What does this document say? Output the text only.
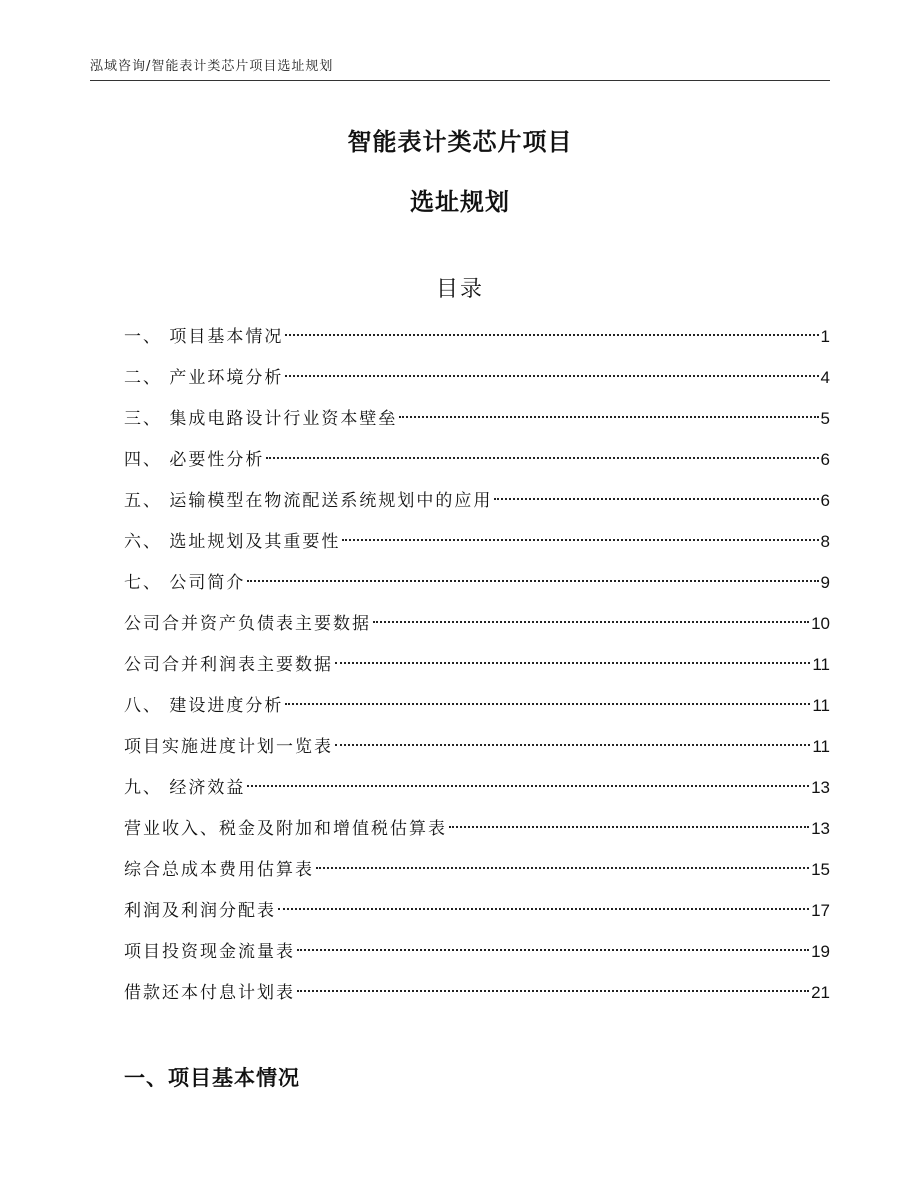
泓域咨询/智能表计类芯片项目选址规划
智能表计类芯片项目
选址规划
目录
一、 项目基本情况	1
二、 产业环境分析	4
三、 集成电路设计行业资本壁垒	5
四、 必要性分析	6
五、 运输模型在物流配送系统规划中的应用	6
六、 选址规划及其重要性	8
七、 公司简介	9
公司合并资产负债表主要数据	10
公司合并利润表主要数据	11
八、 建设进度分析	11
项目实施进度计划一览表	11
九、 经济效益	13
营业收入、税金及附加和增值税估算表	13
综合总成本费用估算表	15
利润及利润分配表	17
项目投资现金流量表	19
借款还本付息计划表	21
一、项目基本情况
